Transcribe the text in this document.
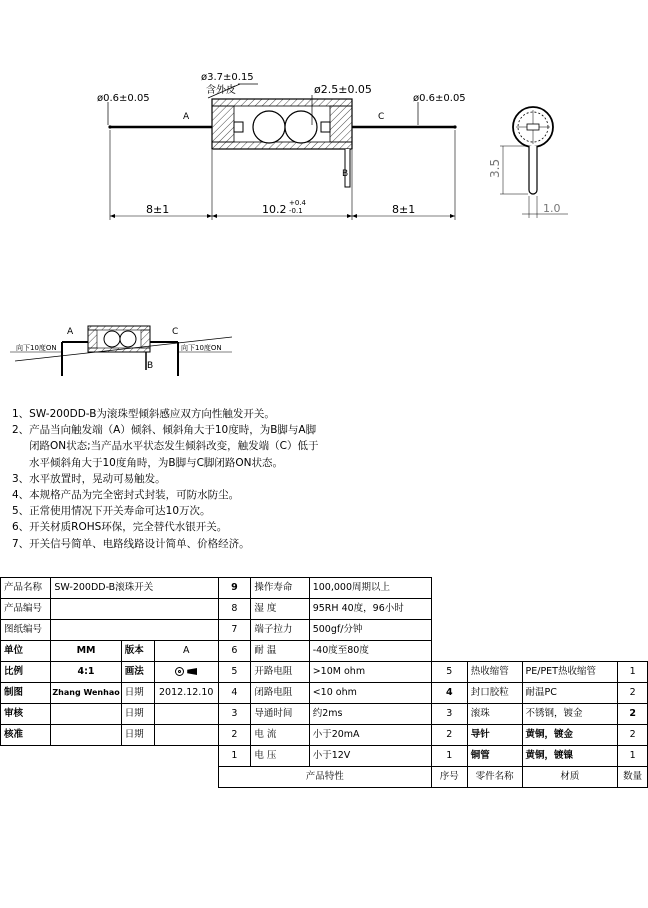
A	C
B
ø3.7±0.15
含外皮	ø2.5±0.05
ø0.6±0.05	ø0.6±0.05
8±1	10.2 +0.4
-0.1	8±1
3.5
1.0
A	C
B
向下10度ON	向下10度ON
1、SW-200DD-B为滚珠型倾斜感应双方向性触发开关。
2、产品当向触发端（A）倾斜、倾斜角大于10度時，为B脚与A脚
闭路ON状态;当产品水平状态发生倾斜改变，触发端（C）低于
水平倾斜角大于10度角時，为B脚与C脚闭路ON状态。
3、水平放置时，晃动可易触发。
4、本规格产品为完全密封式封装，可防水防尘。
5、正常使用情况下开关寿命可达10万次。
6、开关材质ROHS环保，完全替代水银开关。
7、开关信号简单、电路线路设计简单、价格经济。
产品名称	SW-200DD-B滚珠开关			9	操作寿命	100,000周期以上				
产品编号				8	湿 度	95RH 40度，96小时				
图纸编号				7	端子拉力	500gf/分钟				
单位	MM	版本	A	6	耐 温	-40度至80度				
比例	4:1	画法		5	开路电阻	>10M ohm	5	热收缩管	PE/PET热收缩管	1
制图	Zhang Wenhao	日期	2012.12.10	4	闭路电阻	<10 ohm	4	封口胶粒	耐温PC	2
审核		日期		3	导通时间	约2ms	3	滚珠	不锈钢，镀金	2
核准		日期		2	电 流	小于20mA	2	导针	黄铜，镀金	2
				1	电 压	小于12V	1	铜管	黄铜，镀镍	1
				产品特性			序号	零件名称	材质	数量
